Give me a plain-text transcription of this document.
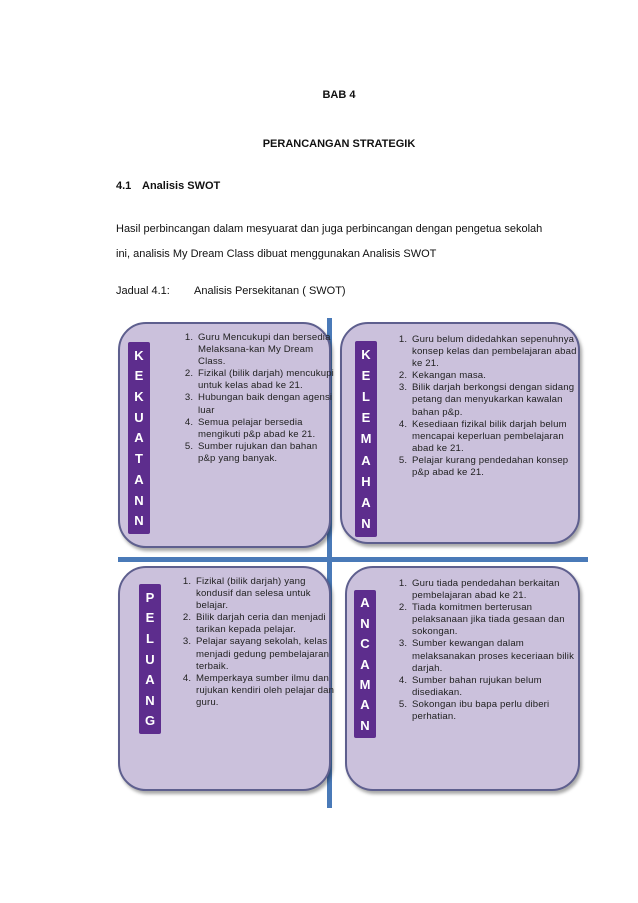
BAB 4
PERANCANGAN STRATEGIK
4.1 Analisis SWOT
Hasil perbincangan dalam mesyuarat dan juga perbincangan dengan pengetua sekolah ini, analisis My Dream Class dibuat menggunakan Analisis SWOT
Jadual 4.1: Analisis Persekitanan ( SWOT)
K
E
K
U
A
T
A
N
N
1. Guru Mencukupi dan bersedia Melaksana-kan My Dream Class.
2. Fizikal (bilik darjah) mencukupi untuk kelas abad ke 21.
3. Hubungan baik dengan agensi luar
4. Semua pelajar bersedia mengikuti p&p abad ke 21.
5. Sumber rujukan dan bahan p&p yang banyak.
K
E
L
E
M
A
H
A
N
1. Guru belum didedahkan sepenuhnya konsep kelas dan pembelajaran abad ke 21.
2. Kekangan masa.
3. Bilik darjah berkongsi dengan sidang petang dan menyukarkan kawalan bahan p&p.
4. Kesediaan fizikal bilik darjah belum mencapai keperluan pembelajaran abad ke 21.
5. Pelajar kurang pendedahan konsep p&p abad ke 21.
P
E
L
U
A
N
G
1. Fizikal (bilik darjah) yang kondusif dan selesa untuk belajar.
2. Bilik darjah ceria dan menjadi tarikan kepada pelajar.
3. Pelajar sayang sekolah, kelas menjadi gedung pembelajaran terbaik.
4. Memperkaya sumber ilmu dan rujukan kendiri oleh pelajar dan guru.
A
N
C
A
M
A
N
1. Guru tiada pendedahan berkaitan pembelajaran abad ke 21.
2. Tiada komitmen berterusan pelaksanaan jika tiada gesaan dan sokongan.
3. Sumber kewangan dalam melaksanakan proses keceriaan bilik darjah.
4. Sumber bahan rujukan belum disediakan.
5. Sokongan ibu bapa perlu diberi perhatian.
